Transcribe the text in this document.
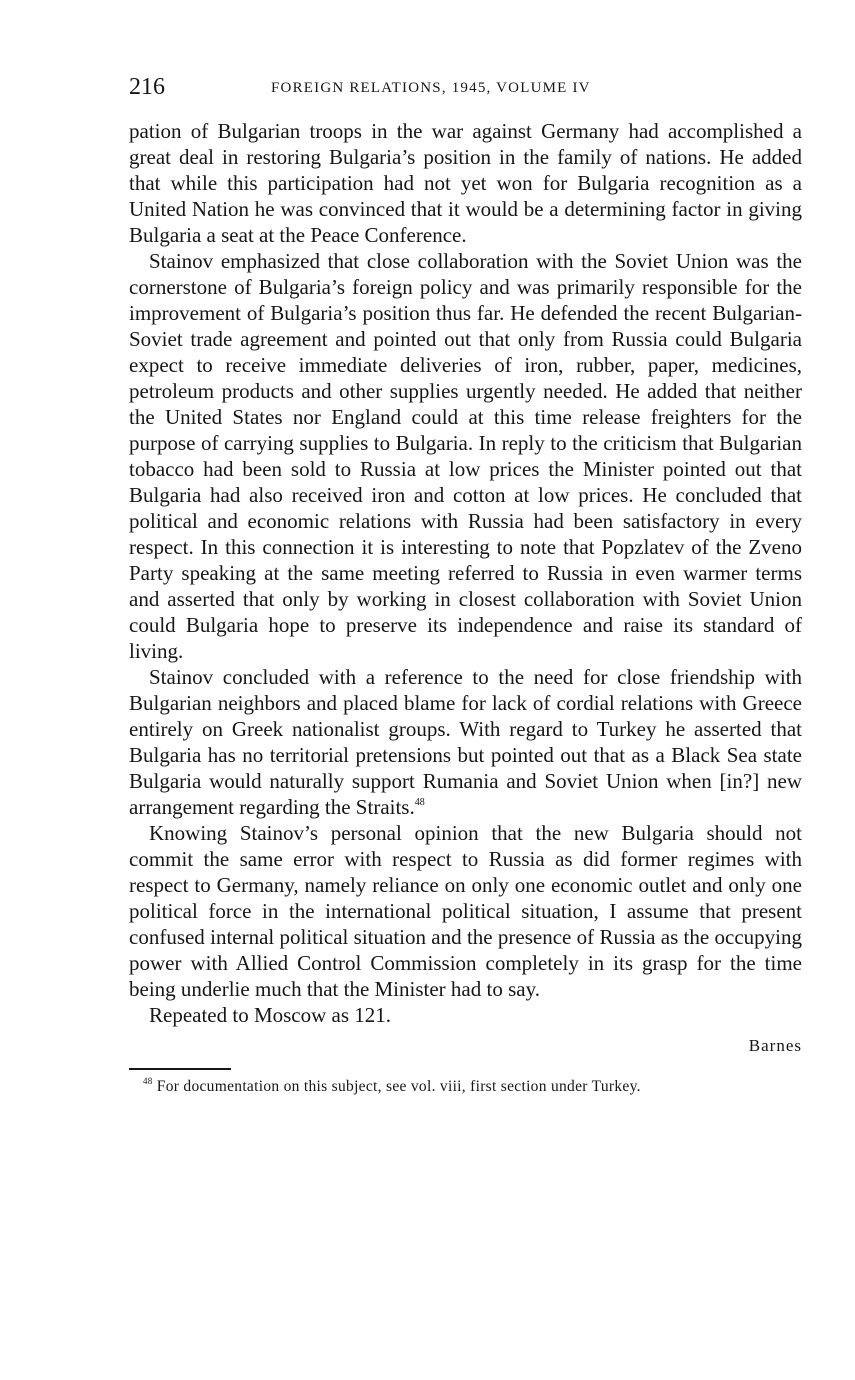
216	FOREIGN RELATIONS, 1945, VOLUME IV

pation of Bulgarian troops in the war against Germany had accomplished a great deal in restoring Bulgaria’s position in the family of nations. He added that while this participation had not yet won for Bulgaria recognition as a United Nation he was convinced that it would be a determining factor in giving Bulgaria a seat at the Peace Conference.

Stainov emphasized that close collaboration with the Soviet Union was the cornerstone of Bulgaria’s foreign policy and was primarily responsible for the improvement of Bulgaria’s position thus far. He defended the recent Bulgarian-Soviet trade agreement and pointed out that only from Russia could Bulgaria expect to receive immediate deliveries of iron, rubber, paper, medicines, petroleum products and other supplies urgently needed. He added that neither the United States nor England could at this time release freighters for the purpose of carrying supplies to Bulgaria. In reply to the criticism that Bulgarian tobacco had been sold to Russia at low prices the Minister pointed out that Bulgaria had also received iron and cotton at low prices. He concluded that political and economic relations with Russia had been satisfactory in every respect. In this connection it is interesting to note that Popzlatev of the Zveno Party speaking at the same meeting referred to Russia in even warmer terms and asserted that only by working in closest collaboration with Soviet Union could Bulgaria hope to preserve its independence and raise its standard of living.

Stainov concluded with a reference to the need for close friendship with Bulgarian neighbors and placed blame for lack of cordial relations with Greece entirely on Greek nationalist groups. With regard to Turkey he asserted that Bulgaria has no territorial pretensions but pointed out that as a Black Sea state Bulgaria would naturally support Rumania and Soviet Union when [in?] new arrangement regarding the Straits.$^{48}$

Knowing Stainov’s personal opinion that the new Bulgaria should not commit the same error with respect to Russia as did former regimes with respect to Germany, namely reliance on only one economic outlet and only one political force in the international political situation, I assume that present confused internal political situation and the presence of Russia as the occupying power with Allied Control Commission completely in its grasp for the time being underlie much that the Minister had to say.

Repeated to Moscow as 121.

Barnes
$^{48}$ For documentation on this subject, see vol. viii, first section under Turkey.
